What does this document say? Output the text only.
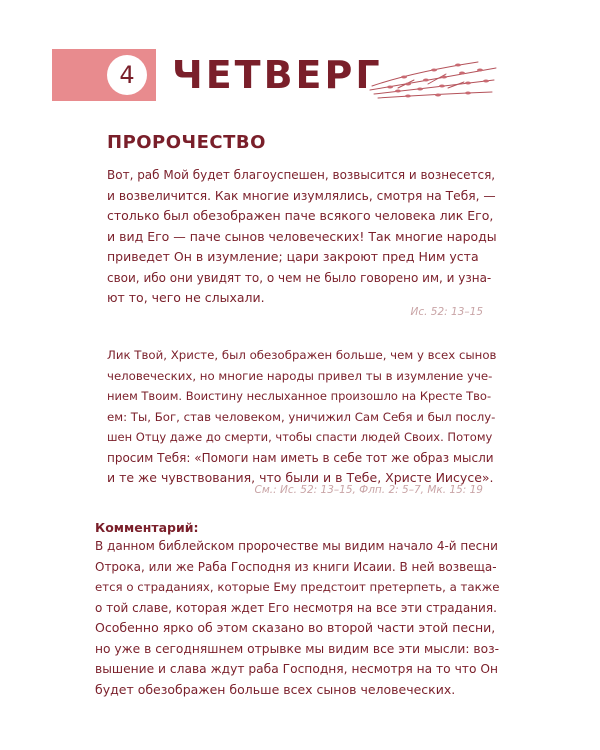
4 ЧЕТВЕРГ
ПРОРОЧЕСТВО
Вот, раб Мой будет благоуспешен, возвысится и вознесется,
и возвеличится. Как многие изумлялись, смотря на Тебя, —
столько был обезображен паче всякого человека лик Его,
и вид Его — паче сынов человеческих! Так многие народы
приведет Он в изумление; цари закроют пред Ним уста
свои, ибо они увидят то, о чем не было говорено им, и узна-
ют то, чего не слыхали.
Ис. 52: 13–15
Лик Твой, Христе, был обезображен больше, чем у всех сынов
человеческих, но многие народы привел ты в изумление уче-
нием Твоим. Воистину неслыханное произошло на Кресте Тво-
ем: Ты, Бог, став человеком, уничижил Сам Себя и был послу-
шен Отцу даже до смерти, чтобы спасти людей Своих. Потому
просим Тебя: «Помоги нам иметь в себе тот же образ мысли
и те же чувствования, что были и в Тебе, Христе Иисусе».
См.: Ис. 52: 13–15, Флп. 2: 5–7, Мк. 15: 19
Комментарий:
В данном библейском пророчестве мы видим начало 4-й песни
Отрока, или же Раба Господня из книги Исаии. В ней возвеща-
ется о страданиях, которые Ему предстоит претерпеть, а также
о той славе, которая ждет Его несмотря на все эти страдания.
Особенно ярко об этом сказано во второй части этой песни,
но уже в сегодняшнем отрывке мы видим все эти мысли: воз-
вышение и слава ждут раба Господня, несмотря на то что Он
будет обезображен больше всех сынов человеческих.
